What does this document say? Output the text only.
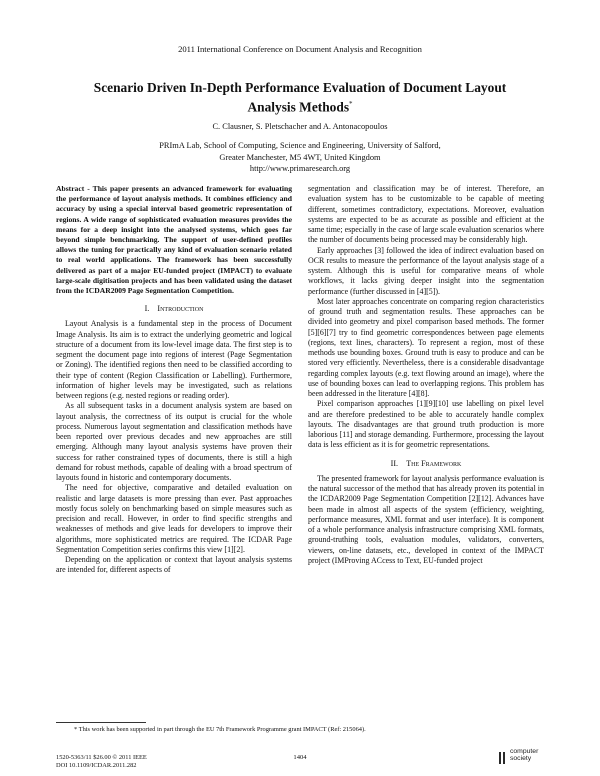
2011 International Conference on Document Analysis and Recognition
Scenario Driven In-Depth Performance Evaluation of Document Layout
Analysis Methods*
C. Clausner, S. Pletschacher and A. Antonacopoulos
PRImA Lab, School of Computing, Science and Engineering, University of Salford,
Greater Manchester, M5 4WT, United Kingdom
http://www.primaresearch.org

Abstract - This paper presents an advanced framework for evaluating the performance of layout analysis methods. It combines efficiency and accuracy by using a special interval based geometric representation of regions. A wide range of sophisticated evaluation measures provides the means for a deep insight into the analysed systems, which goes far beyond simple benchmarking. The support of user-defined profiles allows the tuning for practically any kind of evaluation scenario related to real world applications. The framework has been successfully delivered as part of a major EU-funded project (IMPACT) to evaluate large-scale digitisation projects and has been validated using the dataset from the ICDAR2009 Page Segmentation Competition.

I. Introduction

Layout Analysis is a fundamental step in the process of Document Image Analysis. Its aim is to extract the underlying geometric and logical structure of a document from its low-level image data. The first step is to segment the document page into regions of interest (Page Segmentation or Zoning). The identified regions then need to be classified according to their type of content (Region Classification or Labelling). Furthermore, information of higher levels may be investigated, such as relations between regions (e.g. nested regions or reading order).

As all subsequent tasks in a document analysis system are based on layout analysis, the correctness of its output is crucial for the whole process. Numerous layout segmentation and classification methods have been reported over previous decades and new approaches are still emerging. Although many layout analysis systems have proven their success for rather constrained types of documents, there is still a high demand for robust methods, capable of dealing with a broad spectrum of layouts found in historic and contemporary documents.

The need for objective, comparative and detailed evaluation on realistic and large datasets is more pressing than ever. Past approaches mostly focus solely on benchmarking based on simple measures such as precision and recall. However, in order to find specific strengths and weaknesses of methods and give leads for developers to improve their algorithms, more sophisticated metrics are required. The ICDAR Page Segmentation Competition series confirms this view [1][2].

Depending on the application or context that layout analysis systems are intended for, different aspects of

segmentation and classification may be of interest. Therefore, an evaluation system has to be customizable to be capable of meeting different, sometimes contradictory, expectations. Moreover, evaluation systems are expected to be as accurate as possible and efficient at the same time; especially in the case of large scale evaluation scenarios where the number of documents being processed may be considerably high.

Early approaches [3] followed the idea of indirect evaluation based on OCR results to measure the performance of the layout analysis stage of a system. Although this is useful for comparative means of whole workflows, it lacks giving deeper insight into the segmentation performance (further discussed in [4][5]).

Most later approaches concentrate on comparing region characteristics of ground truth and segmentation results. These approaches can be divided into geometry and pixel comparison based methods. The former [5][6][7] try to find geometric correspondences between page elements (regions, text lines, characters). To represent a region, most of these methods use bounding boxes. Ground truth is easy to produce and can be stored very efficiently. Nevertheless, there is a considerable disadvantage regarding complex layouts (e.g. text flowing around an image), where the use of bounding boxes can lead to overlapping regions. This problem has been addressed in the literature [4][8].

Pixel comparison approaches [1][9][10] use labelling on pixel level and are therefore predestined to be able to accurately handle complex layouts. The disadvantages are that ground truth production is more laborious [11] and storage demanding. Furthermore, processing the layout data is less efficient as it is for geometric representations.

II. The Framework

The presented framework for layout analysis performance evaluation is the natural successor of the method that has already proven its potential in the ICDAR2009 Page Segmentation Competition [2][12]. Advances have been made in almost all aspects of the system (efficiency, weighting, performance measures, XML format and user interface). It is component of a whole performance analysis infrastructure comprising XML formats, ground-truthing tools, evaluation modules, validators, converters, viewers, on-line datasets, etc., developed in context of the IMPACT project (IMProving ACcess to Text, EU-funded project

* This work has been supported in part through the EU 7th Framework Programme grant IMPACT (Ref: 215064).
1520-5363/11 $26.00 © 2011 IEEE
DOI 10.1109/ICDAR.2011.282
1404
computer
society
